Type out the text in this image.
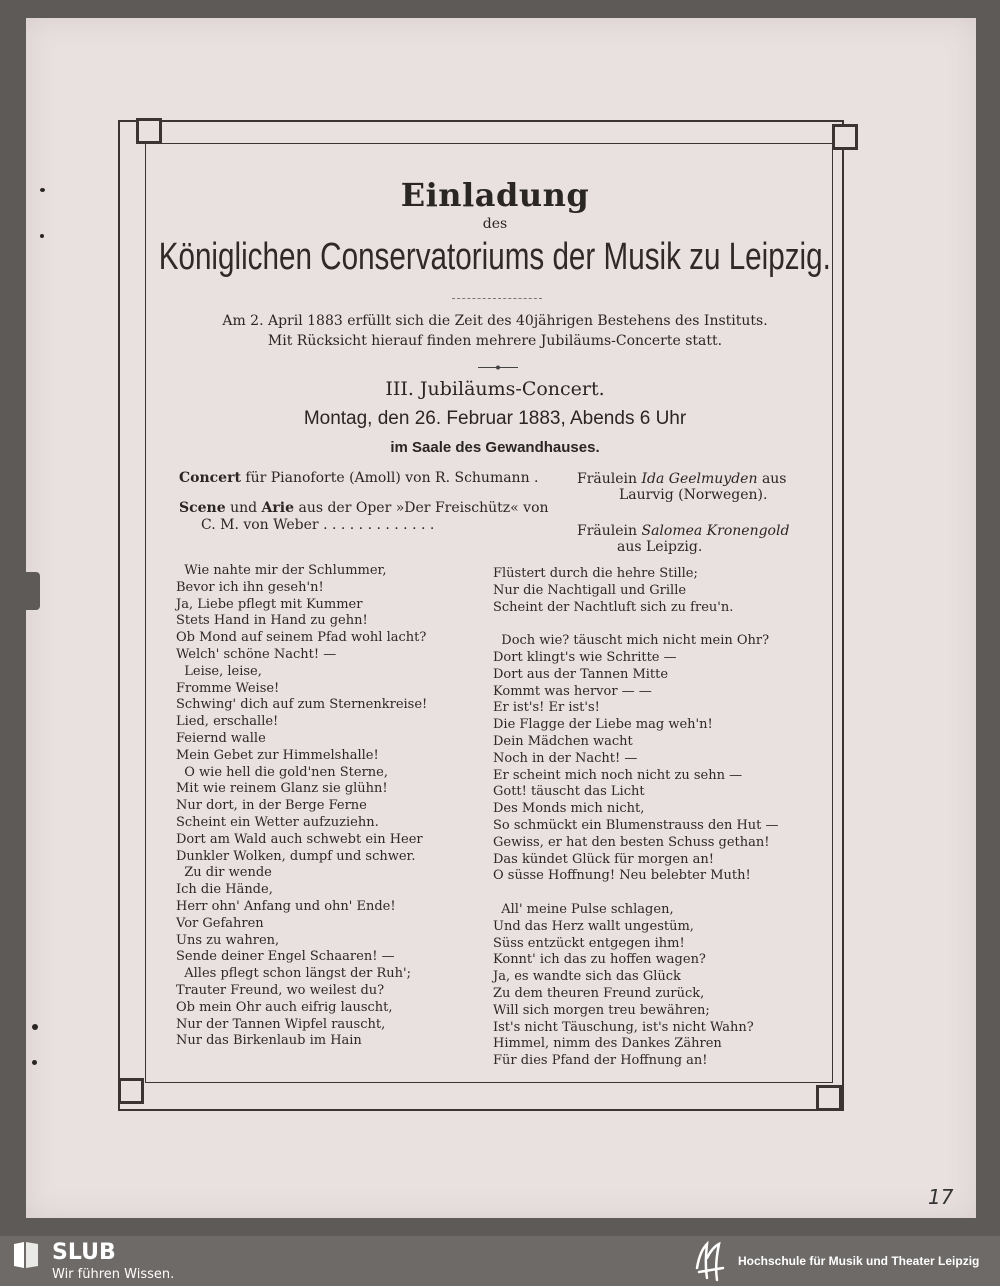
Einladung
des
Königlichen Conservatoriums der Musik zu Leipzig.
Am 2. April 1883 erfüllt sich die Zeit des 40jährigen Bestehens des Instituts.
Mit Rücksicht hierauf finden mehrere Jubiläums-Concerte statt.
III. Jubiläums-Concert.
Montag, den 26. Februar 1883, Abends 6 Uhr
im Saale des Gewandhauses.
Concert für Pianoforte (Amoll) von R. Schumann .	Fräulein Ida Geelmuyden aus
Laurvig (Norwegen).
Scene und Arie aus der Oper »Der Freischütz« von
C. M. von Weber . . . . . . . . . . . . .	Fräulein Salomea Kronengold
aus Leipzig.
Wie nahte mir der Schlummer,
Bevor ich ihn geseh'n!
Ja, Liebe pflegt mit Kummer
Stets Hand in Hand zu gehn!
Ob Mond auf seinem Pfad wohl lacht?
Welch' schöne Nacht! —
Leise, leise,
Fromme Weise!
Schwing' dich auf zum Sternenkreise!
Lied, erschalle!
Feiernd walle
Mein Gebet zur Himmelshalle!
O wie hell die gold'nen Sterne,
Mit wie reinem Glanz sie glühn!
Nur dort, in der Berge Ferne
Scheint ein Wetter aufzuziehn.
Dort am Wald auch schwebt ein Heer
Dunkler Wolken, dumpf und schwer.
Zu dir wende
Ich die Hände,
Herr ohn' Anfang und ohn' Ende!
Vor Gefahren
Uns zu wahren,
Sende deiner Engel Schaaren! —
Alles pflegt schon längst der Ruh';
Trauter Freund, wo weilest du?
Ob mein Ohr auch eifrig lauscht,
Nur der Tannen Wipfel rauscht,
Nur das Birkenlaub im Hain
Flüstert durch die hehre Stille;
Nur die Nachtigall und Grille
Scheint der Nachtluft sich zu freu'n.
Doch wie? täuscht mich nicht mein Ohr?
Dort klingt's wie Schritte —
Dort aus der Tannen Mitte
Kommt was hervor — —
Er ist's! Er ist's!
Die Flagge der Liebe mag weh'n!
Dein Mädchen wacht
Noch in der Nacht! —
Er scheint mich noch nicht zu sehn —
Gott! täuscht das Licht
Des Monds mich nicht,
So schmückt ein Blumenstrauss den Hut —
Gewiss, er hat den besten Schuss gethan!
Das kündet Glück für morgen an!
O süsse Hoffnung! Neu belebter Muth!
All' meine Pulse schlagen,
Und das Herz wallt ungestüm,
Süss entzückt entgegen ihm!
Konnt' ich das zu hoffen wagen?
Ja, es wandte sich das Glück
Zu dem theuren Freund zurück,
Will sich morgen treu bewähren;
Ist's nicht Täuschung, ist's nicht Wahn?
Himmel, nimm des Dankes Zähren
Für dies Pfand der Hoffnung an!
17
SLUB
Wir führen Wissen.
Hochschule für Musik und Theater Leipzig
